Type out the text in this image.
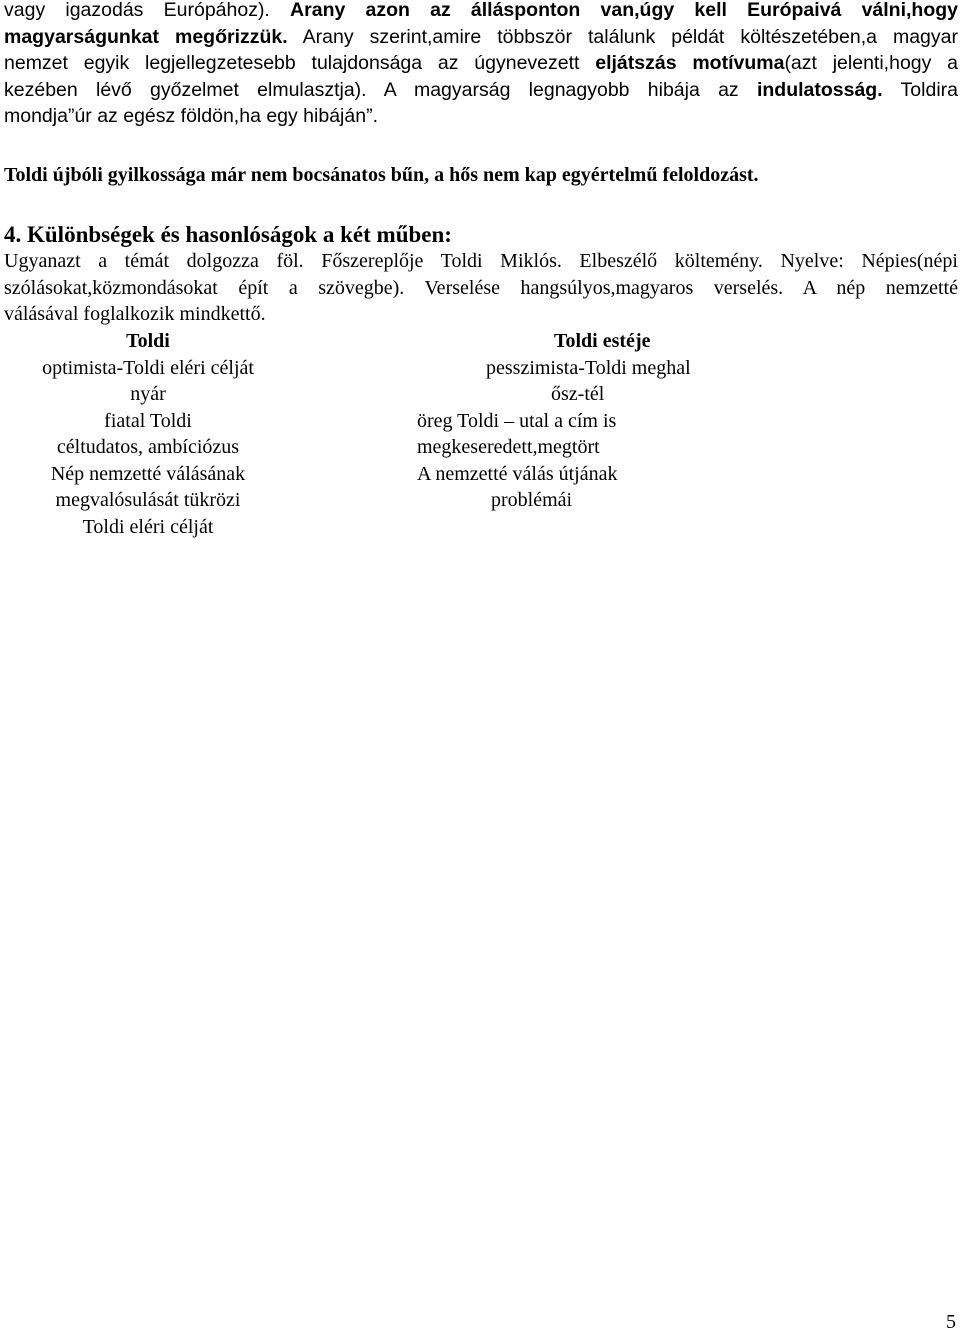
vagy igazodás Európához). Arany azon az állásponton van,úgy kell Európaivá válni,hogy
magyarságunkat megőrizzük. Arany szerint,amire többször találunk példát költészetében,a magyar
nemzet egyik legjellegzetesebb tulajdonsága az úgynevezett eljátszás motívuma(azt jelenti,hogy a
kezében lévő győzelmet elmulasztja). A magyarság legnagyobb hibája az indulatosság. Toldira
mondja”úr az egész földön,ha egy hibáján”.
Toldi újbóli gyilkossága már nem bocsánatos bűn, a hős nem kap egyértelmű feloldozást.
4. Különbségek és hasonlóságok a két műben:
Ugyanazt a témát dolgozza föl. Főszereplője Toldi Miklós. Elbeszélő költemény. Nyelve: Népies(népi
szólásokat,közmondásokat épít a szövegbe). Verselése hangsúlyos,magyaros verselés. A nép nemzetté
válásával foglalkozik mindkettő.
Toldi
optimista-Toldi eléri célját
nyár
fiatal Toldi
céltudatos, ambíciózus
Nép nemzetté válásának
megvalósulását tükrözi
Toldi eléri célját
Toldi estéje
pesszimista-Toldi meghal
ősz-tél
öreg Toldi – utal a cím is
megkeseredett,megtört
A nemzetté válás útjának
problémái
5
